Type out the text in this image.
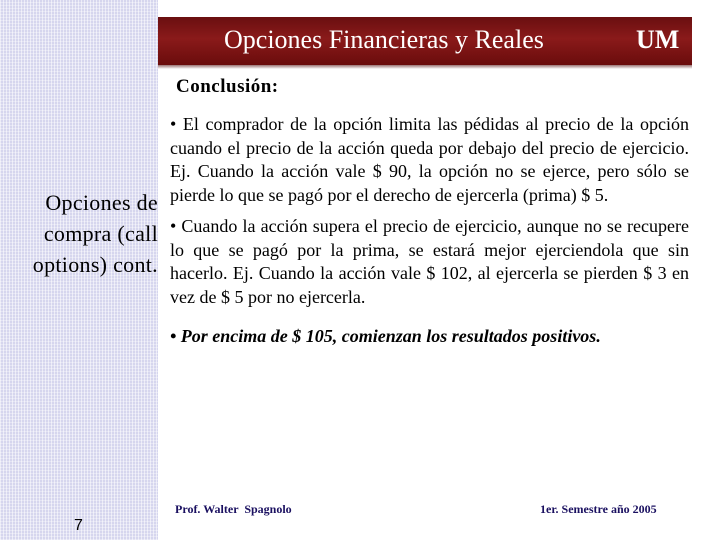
Opciones Financieras y Reales	UM
Conclusión:
Opciones de
compra (call
options) cont.

• El comprador de la opción limita las pédidas al precio de la opción cuando el precio de la acción queda por debajo del precio de ejercicio. Ej. Cuando la acción vale $ 90, la opción no se ejerce, pero sólo se pierde lo que se pagó por el derecho de ejercerla (prima) $ 5.

• Cuando la acción supera el precio de ejercicio, aunque no se recupere lo que se pagó por la prima, se estará mejor ejerciendola que sin hacerlo. Ej. Cuando la acción vale $ 102, al ejercerla se pierden $ 3 en vez de $ 5 por no ejercerla.

• Por encima de $ 105, comienzan los resultados positivos.

7
Prof. Walter  Spagnolo	1er. Semestre año 2005
